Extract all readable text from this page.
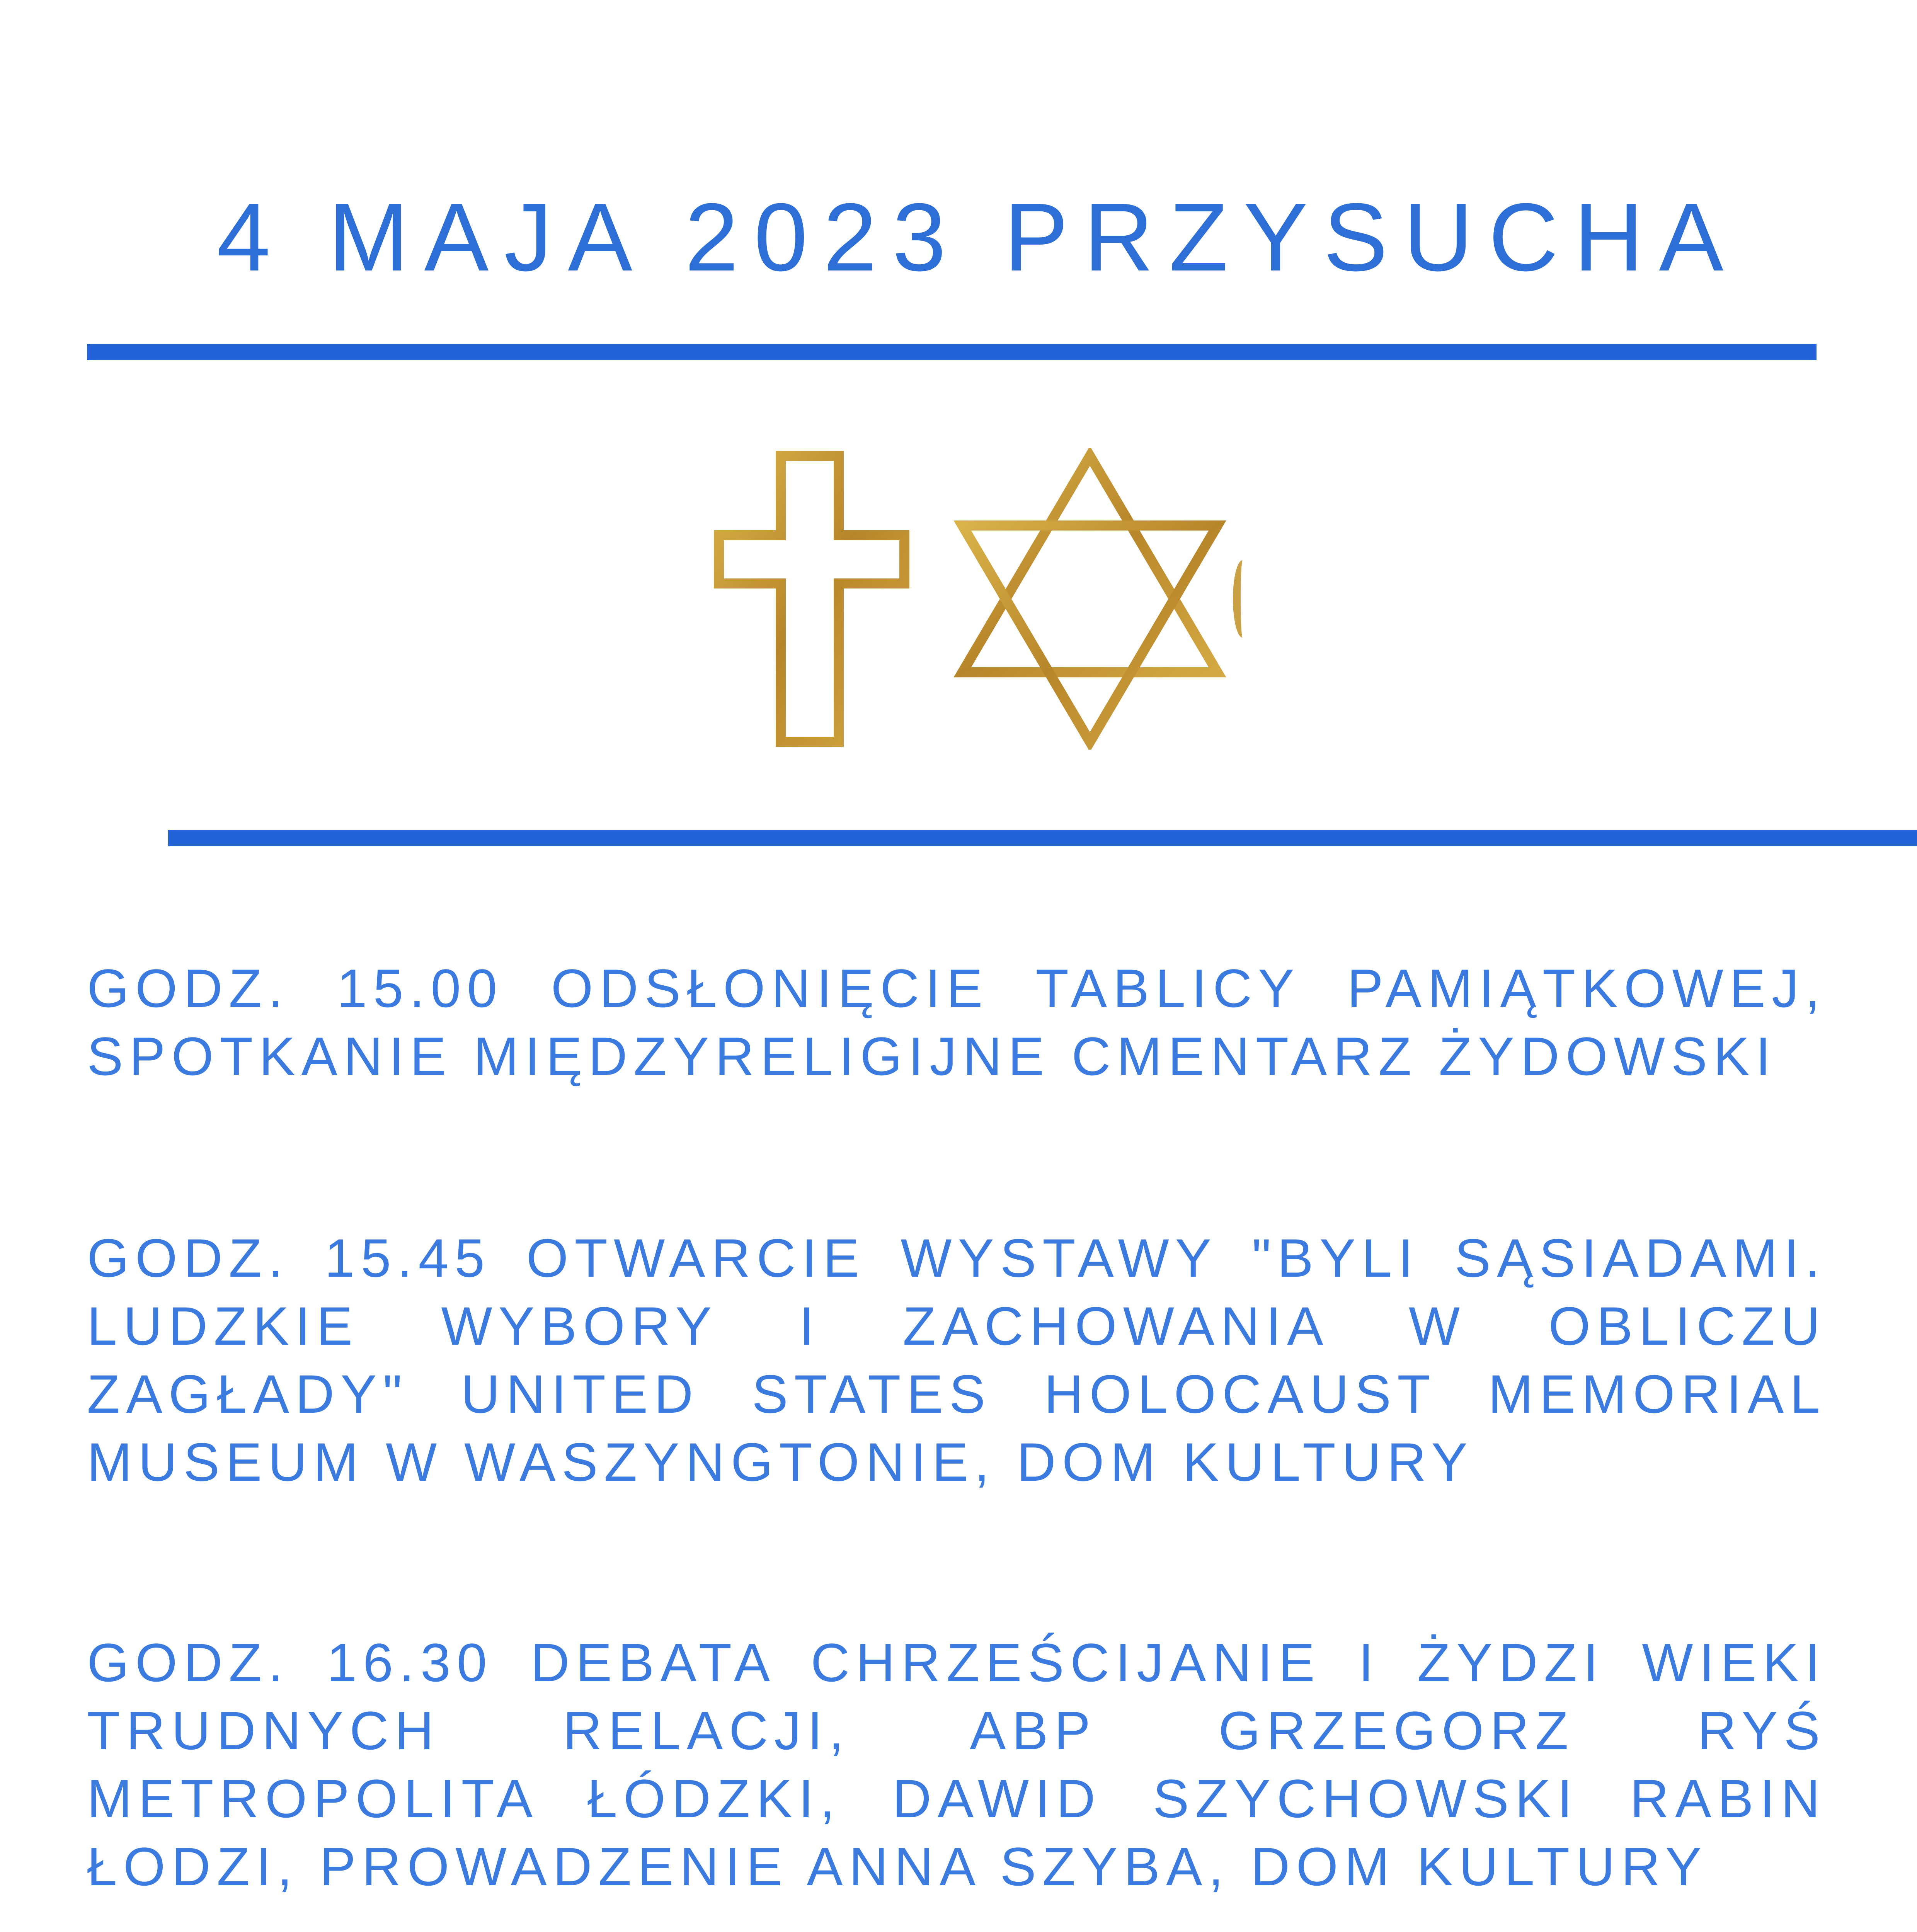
4 MAJA 2023 PRZYSUCHA
GODZ. 15.00 ODSŁONIĘCIE TABLICY PAMIĄTKOWEJ, SPOTKANIE MIĘDZYRELIGIJNE CMENTARZ ŻYDOWSKI
GODZ. 15.45 OTWARCIE WYSTAWY "BYLI SĄSIADAMI. LUDZKIE WYBORY I ZACHOWANIA W OBLICZU ZAGŁADY" UNITED STATES HOLOCAUST MEMORIAL MUSEUM W WASZYNGTONIE, DOM KULTURY
GODZ. 16.30 DEBATA CHRZEŚCIJANIE I ŻYDZI WIEKI TRUDNYCH RELACJI, ABP GRZEGORZ RYŚ METROPOLITA ŁÓDZKI, DAWID SZYCHOWSKI RABIN ŁODZI, PROWADZENIE ANNA SZYBA, DOM KULTURY
